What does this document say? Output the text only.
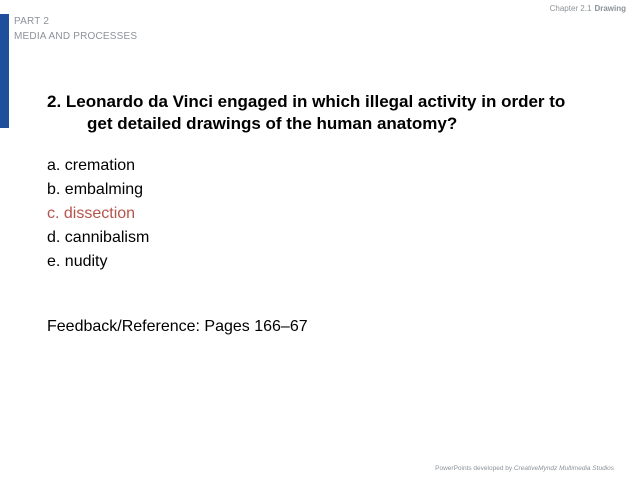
PART 2
MEDIA AND PROCESSES
Chapter 2.1 Drawing
2. Leonardo da Vinci engaged in which illegal activity in order to
get detailed drawings of the human anatomy?
a. cremation
b. embalming
c. dissection
d. cannibalism
e. nudity
Feedback/Reference: Pages 166–67
PowerPoints developed by CreativeMyndz Multimedia Studios
